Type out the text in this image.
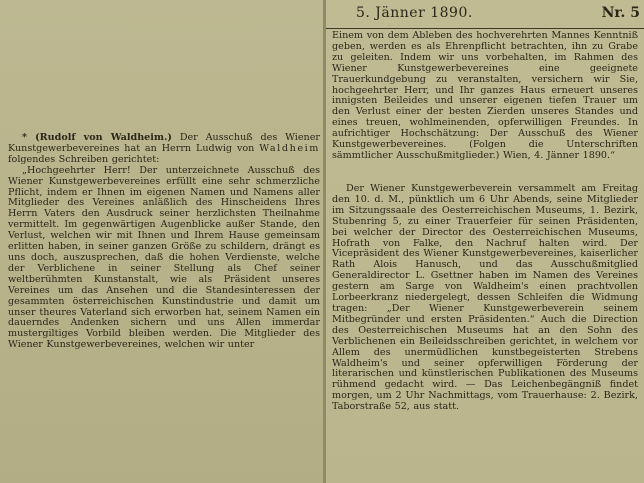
5. Jänner 1890.	Nr. 5

* (Rudolf von Waldheim.) Der Ausschuß des Wiener Kunstgewerbevereines hat an Herrn Ludwig von Waldheim folgendes Schreiben gerichtet:

„Hochgeehrter Herr! Der unterzeichnete Ausschuß des Wiener Kunstgewerbevereines erfüllt eine sehr schmerzliche Pflicht, indem er Ihnen im eigenen Namen und Namens aller Mitglieder des Vereines anläßlich des Hinscheidens Ihres Herrn Vaters den Ausdruck seiner herzlichsten Theilnahme vermittelt. Im gegenwärtigen Augenblicke außer Stande, den Verlust, welchen wir mit Ihnen und Ihrem Hause gemeinsam erlitten haben, in seiner ganzen Größe zu schildern, drängt es uns doch, auszusprechen, daß die hohen Verdienste, welche der Verblichene in seiner Stellung als Chef seiner weltberühmten Kunstanstalt, wie als Präsident unseres Vereines um das Ansehen und die Standesinteressen der gesammten österreichischen Kunstindustrie und damit um unser theures Vaterland sich erworben hat, seinem Namen ein dauerndes Andenken sichern und uns Allen immerdar mustergiltiges Vorbild bleiben werden. Die Mitglieder des Wiener Kunstgewerbevereines, welchen wir unter

Einem von dem Ableben des hochverehrten Mannes Kenntniß geben, werden es als Ehrenpflicht betrachten, ihn zu Grabe zu geleiten. Indem wir uns vorbehalten, im Rahmen des Wiener Kunstgewerbevereines eine geeignete Trauerkundgebung zu veranstalten, versichern wir Sie, hochgeehrter Herr, und Ihr ganzes Haus erneuert unseres innigsten Beileides und unserer eigenen tiefen Trauer um den Verlust einer der besten Zierden unseres Standes und eines treuen, wohlmeinenden, opferwilligen Freundes. In aufrichtiger Hochschätzung: Der Ausschuß des Wiener Kunstgewerbevereines. (Folgen die Unterschriften sämmtlicher Ausschußmitglieder.) Wien, 4. Jänner 1890.“

Der Wiener Kunstgewerbeverein versammelt am Freitag den 10. d. M., pünktlich um 6 Uhr Abends, seine Mitglieder im Sitzungssaale des Oesterreichischen Museums, 1. Bezirk, Stubenring 5, zu einer Trauerfeier für seinen Präsidenten, bei welcher der Director des Oesterreichischen Museums, Hofrath von Falke, den Nachruf halten wird. Der Vicepräsident des Wiener Kunstgewerbevereines, kaiserlicher Rath Alois Hanusch, und das Ausschußmitglied Generaldirector L. Gsettner haben im Namen des Vereines gestern am Sarge von Waldheim's einen prachtvollen Lorbeerkranz niedergelegt, dessen Schleifen die Widmung tragen: „Der Wiener Kunstgewerbeverein seinem Mitbegründer und ersten Präsidenten.“ Auch die Direction des Oesterreichischen Museums hat an den Sohn des Verblichenen ein Beileidsschreiben gerichtet, in welchem vor Allem des unermüdlichen kunstbegeisterten Strebens Waldheim's und seiner opferwilligen Förderung der literarischen und künstlerischen Publikationen des Museums rühmend gedacht wird. — Das Leichenbegängniß findet morgen, um 2 Uhr Nachmittags, vom Trauerhause: 2. Bezirk, Taborstraße 52, aus statt.
